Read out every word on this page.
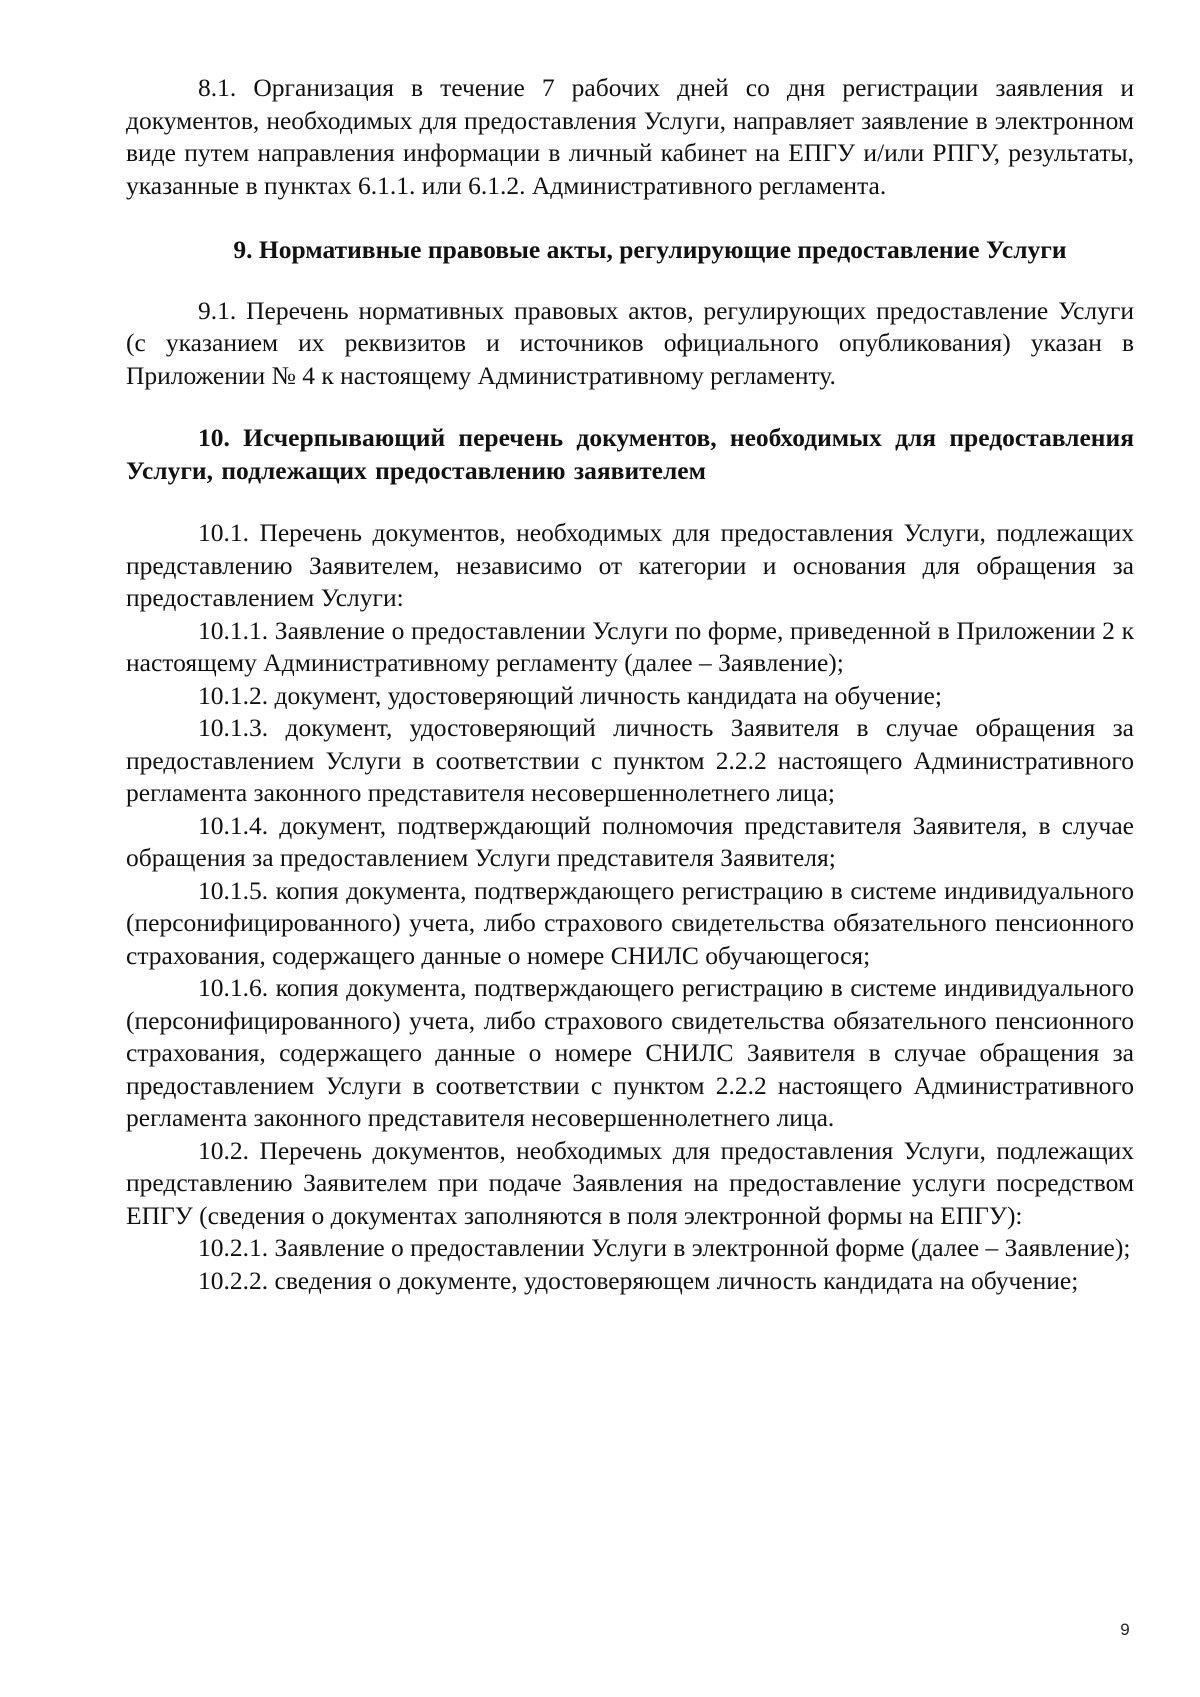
8.1. Организация в течение 7 рабочих дней со дня регистрации заявления и документов, необходимых для предоставления Услуги, направляет заявление в электронном виде путем направления информации в личный кабинет на ЕПГУ и/или РПГУ, результаты, указанные в пунктах 6.1.1. или 6.1.2. Административного регламента.

9. Нормативные правовые акты, регулирующие предоставление Услуги

9.1. Перечень нормативных правовых актов, регулирующих предоставление Услуги (с указанием их реквизитов и источников официального опубликования) указан в Приложении № 4 к настоящему Административному регламенту.

10. Исчерпывающий перечень документов, необходимых для предоставления Услуги, подлежащих предоставлению заявителем

10.1. Перечень документов, необходимых для предоставления Услуги, подлежащих представлению Заявителем, независимо от категории и основания для обращения за предоставлением Услуги:

10.1.1. Заявление о предоставлении Услуги по форме, приведенной в Приложении 2 к настоящему Административному регламенту (далее – Заявление);

10.1.2. документ, удостоверяющий личность кандидата на обучение;

10.1.3. документ, удостоверяющий личность Заявителя в случае обращения за предоставлением Услуги в соответствии с пунктом 2.2.2 настоящего Административного регламента законного представителя несовершеннолетнего лица;

10.1.4. документ, подтверждающий полномочия представителя Заявителя, в случае обращения за предоставлением Услуги представителя Заявителя;

10.1.5. копия документа, подтверждающего регистрацию в системе индивидуального (персонифицированного) учета, либо страхового свидетельства обязательного пенсионного страхования, содержащего данные о номере СНИЛС обучающегося;

10.1.6. копия документа, подтверждающего регистрацию в системе индивидуального (персонифицированного) учета, либо страхового свидетельства обязательного пенсионного страхования, содержащего данные о номере СНИЛС Заявителя в случае обращения за предоставлением Услуги в соответствии с пунктом 2.2.2 настоящего Административного регламента законного представителя несовершеннолетнего лица.

10.2. Перечень документов, необходимых для предоставления Услуги, подлежащих представлению Заявителем при подаче Заявления на предоставление услуги посредством ЕПГУ (сведения о документах заполняются в поля электронной формы на ЕПГУ):

10.2.1. Заявление о предоставлении Услуги в электронной форме (далее – Заявление);

10.2.2. сведения о документе, удостоверяющем личность кандидата на обучение;

9
